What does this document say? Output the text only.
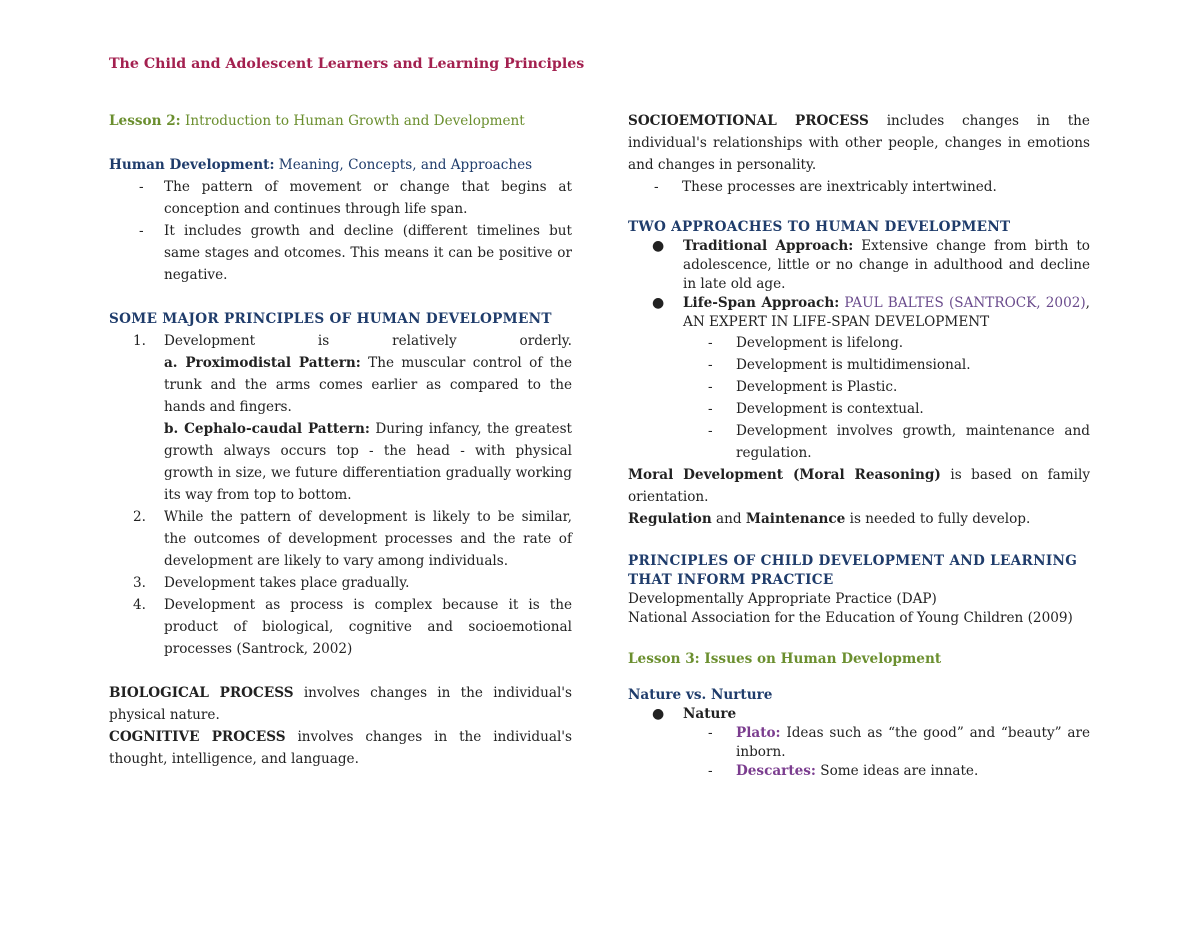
The Child and Adolescent Learners and Learning Principles

Lesson 2: Introduction to Human Growth and Development

Human Development: Meaning, Concepts, and Approaches

- The pattern of movement or change that begins at conception and continues through life span.
- It includes growth and decline (different timelines but same stages and otcomes. This means it can be positive or negative.

SOME MAJOR PRINCIPLES OF HUMAN DEVELOPMENT

1. Development is relatively orderly.
a. Proximodistal Pattern: The muscular control of the trunk and the arms comes earlier as compared to the hands and fingers.
b. Cephalo-caudal Pattern: During infancy, the greatest growth always occurs top - the head - with physical growth in size, we future differentiation gradually working its way from top to bottom.
2. While the pattern of development is likely to be similar, the outcomes of development processes and the rate of development are likely to vary among individuals.
3. Development takes place gradually.
4. Development as process is complex because it is the product of biological, cognitive and socioemotional processes (Santrock, 2002)

BIOLOGICAL PROCESS involves changes in the individual's physical nature.

COGNITIVE PROCESS involves changes in the individual's thought, intelligence, and language.

SOCIOEMOTIONAL PROCESS includes changes in the individual's relationships with other people, changes in emotions and changes in personality.

- These processes are inextricably intertwined.

TWO APPROACHES TO HUMAN DEVELOPMENT

● Traditional Approach: Extensive change from birth to adolescence, little or no change in adulthood and decline in late old age.
● Life-Span Approach: PAUL BALTES (SANTROCK, 2002), AN EXPERT IN LIFE-SPAN DEVELOPMENT
- Development is lifelong.
- Development is multidimensional.
- Development is Plastic.
- Development is contextual.
- Development involves growth, maintenance and regulation.

Moral Development (Moral Reasoning) is based on family orientation.

Regulation and Maintenance is needed to fully develop.

PRINCIPLES OF CHILD DEVELOPMENT AND LEARNING THAT INFORM PRACTICE

Developmentally Appropriate Practice (DAP)

National Association for the Education of Young Children (2009)

Lesson 3: Issues on Human Development

Nature vs. Nurture

● Nature
- Plato: Ideas such as “the good” and “beauty” are inborn.
- Descartes: Some ideas are innate.
